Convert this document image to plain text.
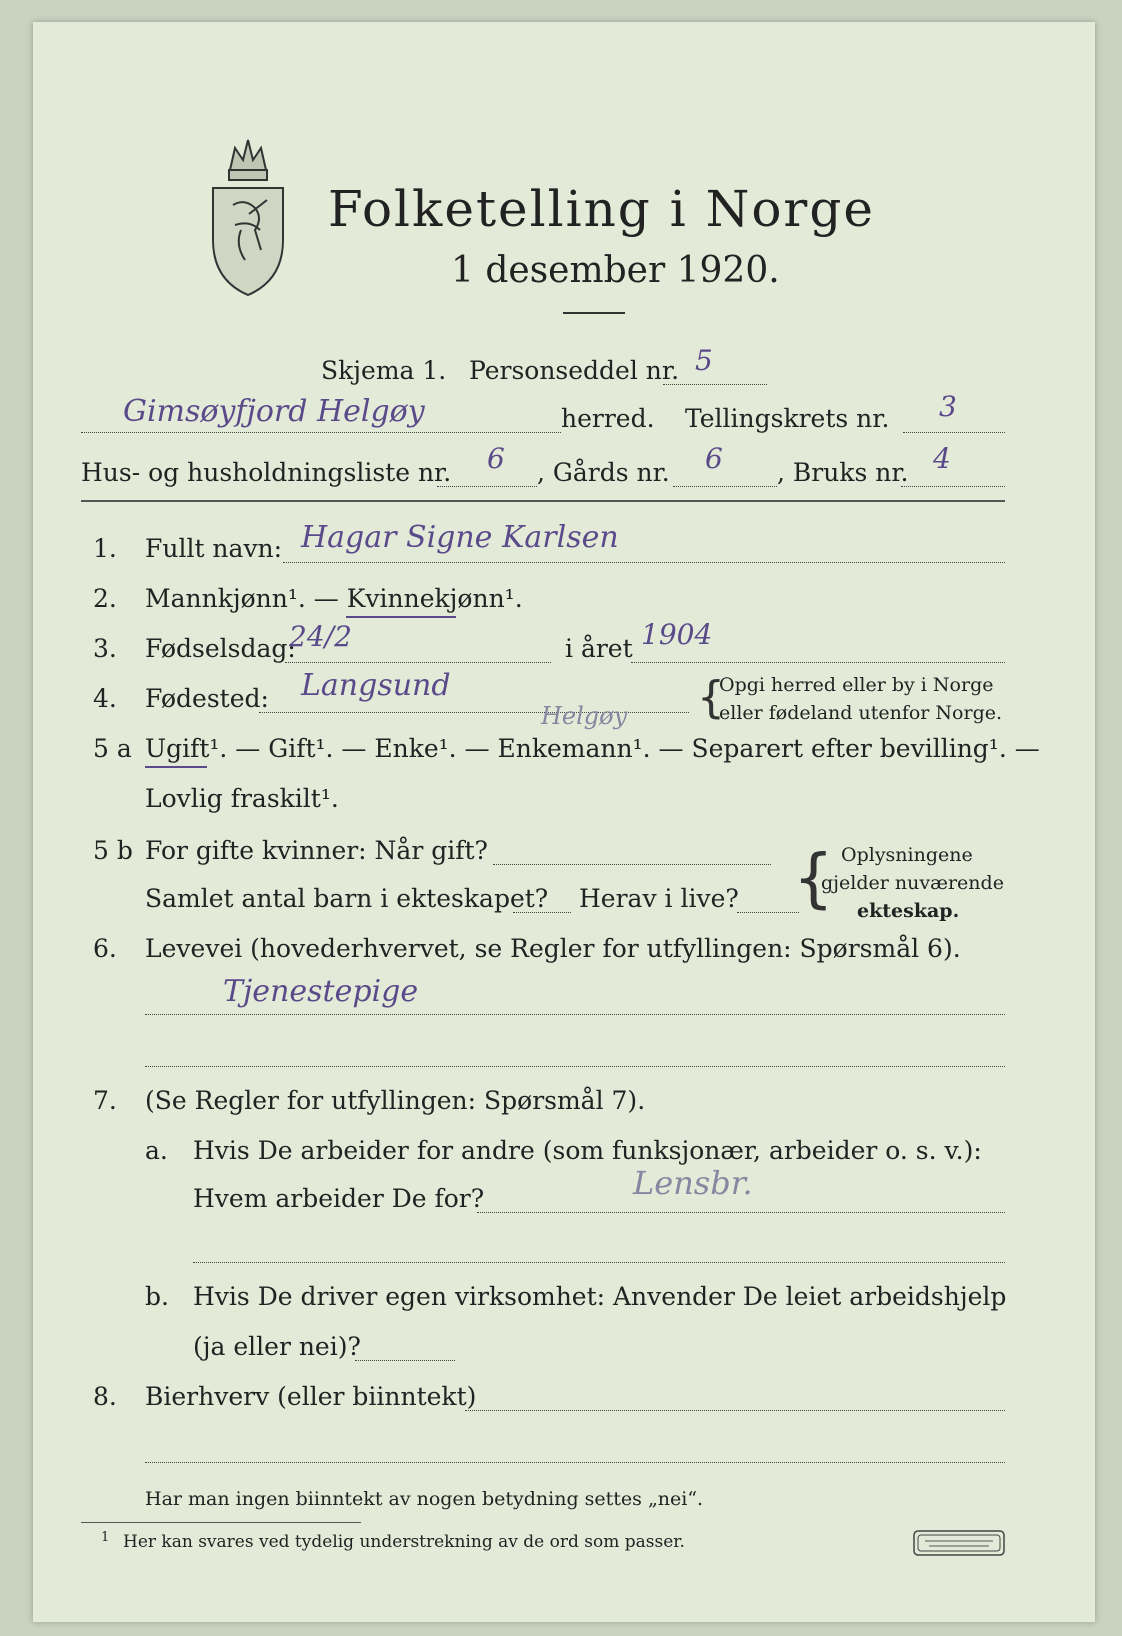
Folketelling i Norge
1 desember 1920.
Skjema 1. Personseddel nr. 5
Gimsøyfjord Helgøy	herred. Tellingskrets nr. 3
Hus- og husholdningsliste nr. 6 , Gårds nr. 6 , Bruks nr. 4
1. Fullt navn: Hagar Signe Karlsen
2. Mannkjønn¹. — Kvinnekjønn¹.
3. Fødselsdag:
24/2	i året 1904
4. Fødested: Langsund
Helgøy {
Opgi herred eller by i Norge
eller fødeland utenfor Norge.
5 a Ugift¹. — Gift¹. — Enke¹. — Enkemann¹. — Separert efter bevilling¹. —
Lovlig fraskilt¹.
5 b For gifte kvinner: Når gift?
Samlet antal barn i ekteskapet? Herav i live? { Oplysningene
gjelder nuværende
ekteskap.
6. Levevei (hovederhvervet, se Regler for utfyllingen: Spørsmål 6).
Tjenestepige
7. (Se Regler for utfyllingen: Spørsmål 7).
a. Hvis De arbeider for andre (som funksjonær, arbeider o. s. v.):
Hvem arbeider De for?	Lensbr.
b. Hvis De driver egen virksomhet: Anvender De leiet arbeidshjelp
(ja eller nei)?
8. Bierhverv (eller biinntekt)
Har man ingen biinntekt av nogen betydning settes „nei“.
1 Her kan svares ved tydelig understrekning av de ord som passer.
